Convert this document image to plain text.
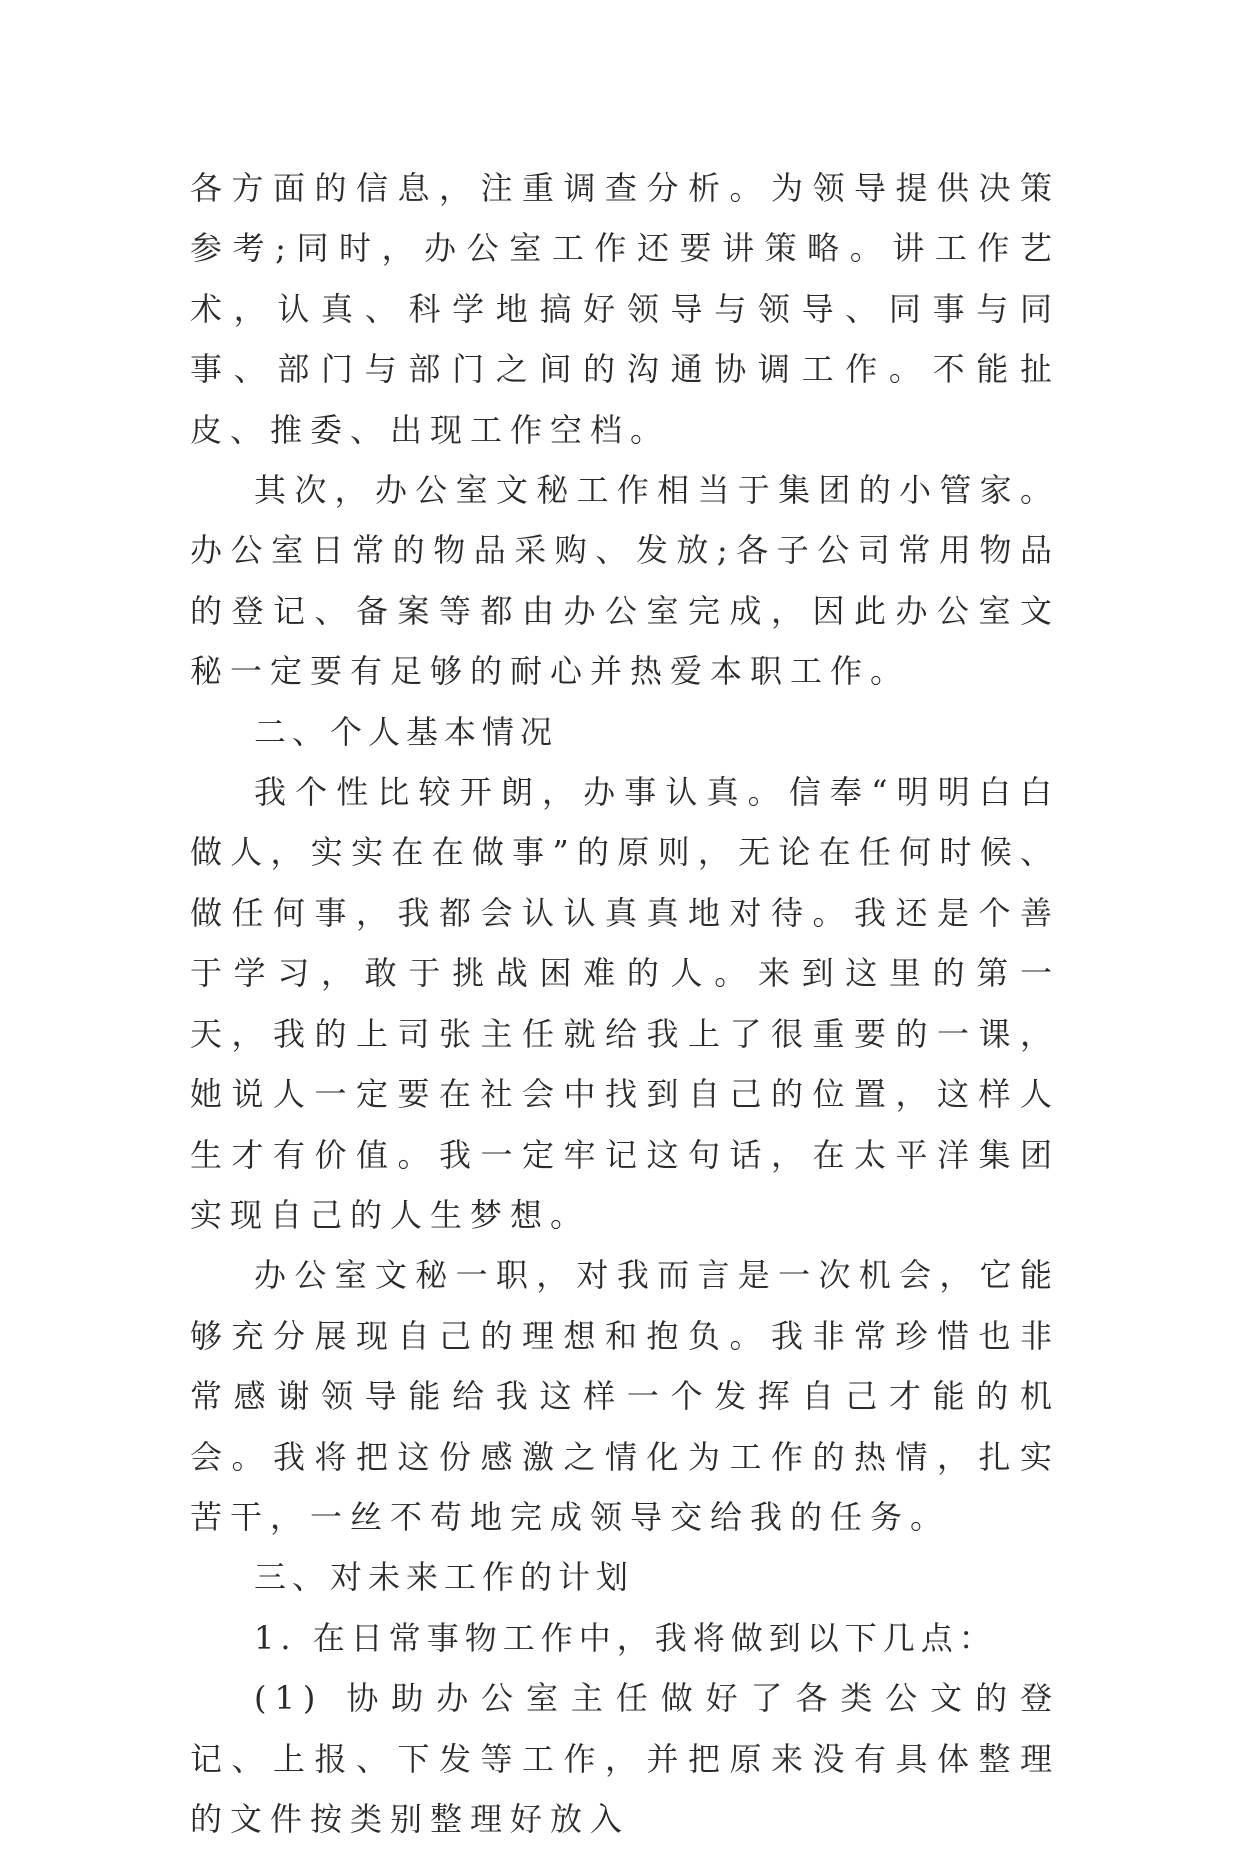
各方面的信息，注重调查分析。为领导提供决策参考;同时，办公室工作还要讲策略。讲工作艺术，认真、科学地搞好领导与领导、同事与同事、部门与部门之间的沟通协调工作。不能扯皮、推委、出现工作空档。

其次，办公室文秘工作相当于集团的小管家。办公室日常的物品采购、发放;各子公司常用物品的登记、备案等都由办公室完成，因此办公室文秘一定要有足够的耐心并热爱本职工作。

二、个人基本情况

我个性比较开朗，办事认真。信奉“明明白白做人，实实在在做事”的原则，无论在任何时候、做任何事，我都会认认真真地对待。我还是个善于学习，敢于挑战困难的人。来到这里的第一天，我的上司张主任就给我上了很重要的一课，她说人一定要在社会中找到自己的位置，这样人生才有价值。我一定牢记这句话，在太平洋集团实现自己的人生梦想。

办公室文秘一职，对我而言是一次机会，它能够充分展现自己的理想和抱负。我非常珍惜也非常感谢领导能给我这样一个发挥自己才能的机会。我将把这份感激之情化为工作的热情，扎实苦干，一丝不苟地完成领导交给我的任务。

三、对未来工作的计划

1. 在日常事物工作中，我将做到以下几点：

(1) 协助办公室主任做好了各类公文的登记、上报、下发等工作，并把原来没有具体整理的文件按类别整理好放入
